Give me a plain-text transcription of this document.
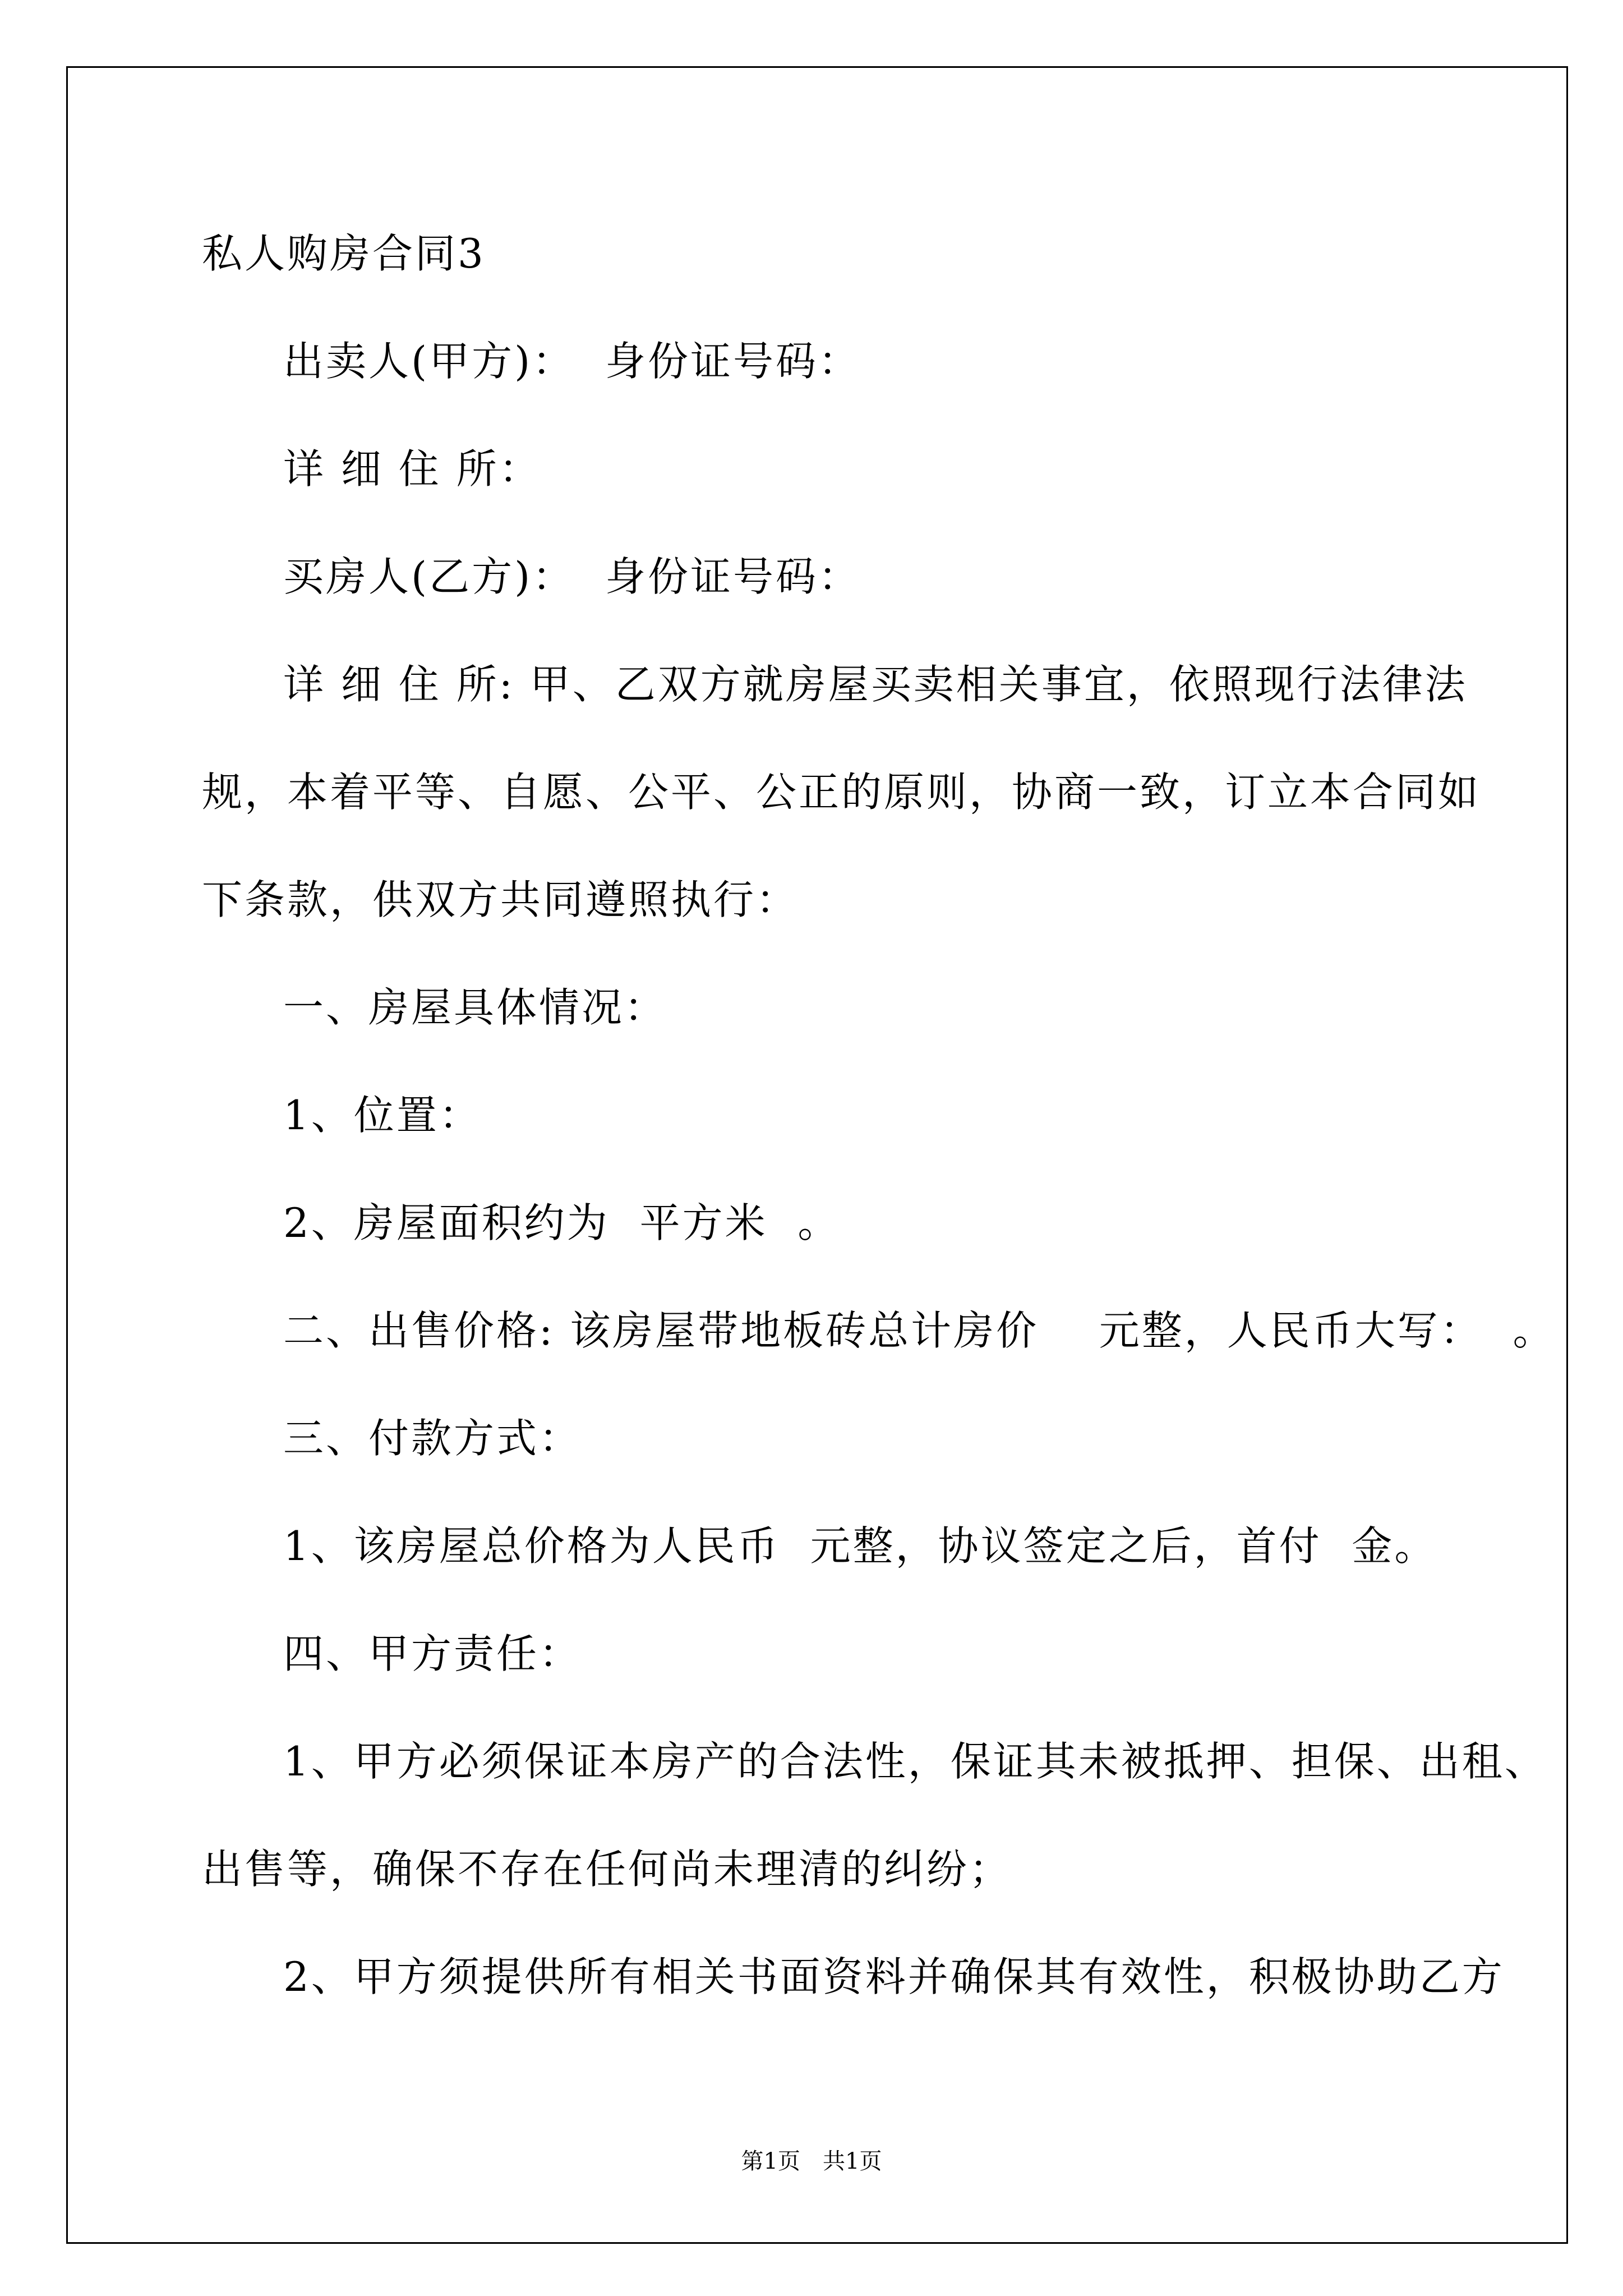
私人购房合同3
出卖人(甲方)：  身份证号码：
详 细 住 所：
买房人(乙方)：  身份证号码：
详 细 住 所: 甲、乙双方就房屋买卖相关事宜，依照现行法律法
规，本着平等、自愿、公平、公正的原则，协商一致，订立本合同如
下条款，供双方共同遵照执行：
一、房屋具体情况：
1、位置：
2、房屋面积约为  平方米  。
二、出售价格: 该房屋带地板砖总计房价    元整，人民币大写：  。
三、付款方式：
1、该房屋总价格为人民币  元整，协议签定之后，首付  金。
四、甲方责任：
1、甲方必须保证本房产的合法性，保证其未被抵押、担保、出租、
出售等，确保不存在任何尚未理清的纠纷；
2、甲方须提供所有相关书面资料并确保其有效性，积极协助乙方
第1页　共1页
